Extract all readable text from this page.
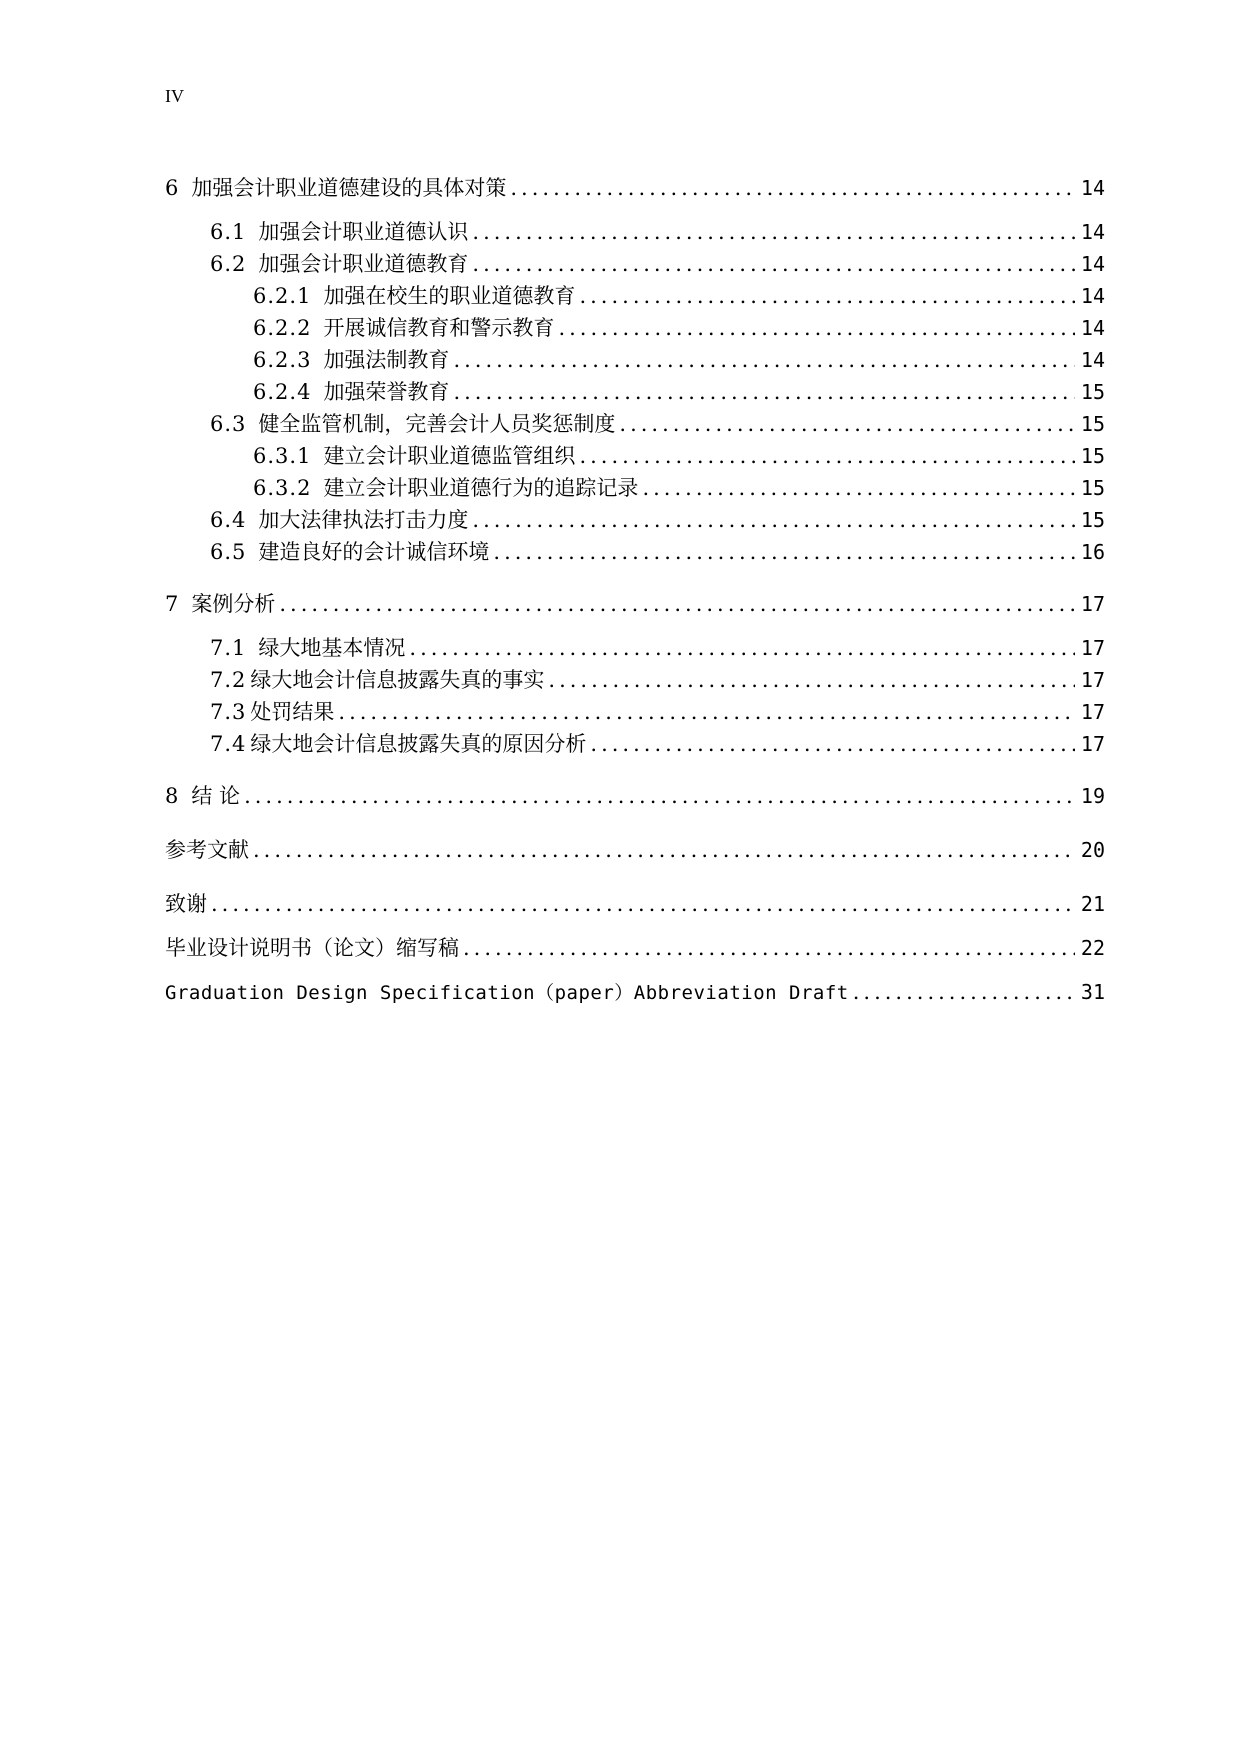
IV
6 加强会计职业道德建设的具体对策 .....	14
6.1 加强会计职业道德认识 .....	14
6.2 加强会计职业道德教育 .....	14
6.2.1 加强在校生的职业道德教育 .....	14
6.2.2 开展诚信教育和警示教育 .....	14
6.2.3 加强法制教育 .....	14
6.2.4 加强荣誉教育 .....	15
6.3 健全监管机制，完善会计人员奖惩制度 .....	15
6.3.1 建立会计职业道德监管组织 .....	15
6.3.2 建立会计职业道德行为的追踪记录 .....	15
6.4 加大法律执法打击力度 .....	15
6.5 建造良好的会计诚信环境 .....	16
7 案例分析 .....	17
7.1 绿大地基本情况 .....	17
7.2 绿大地会计信息披露失真的事实 .....	17
7.3 处罚结果 .....	17
7.4 绿大地会计信息披露失真的原因分析 .....	17
8 结 论 .....	19
参考文献 .....	20
致谢 .....	21
毕业设计说明书（论文）缩写稿 .....	22
Graduation Design Specification（paper）Abbreviation Draft .....	31
